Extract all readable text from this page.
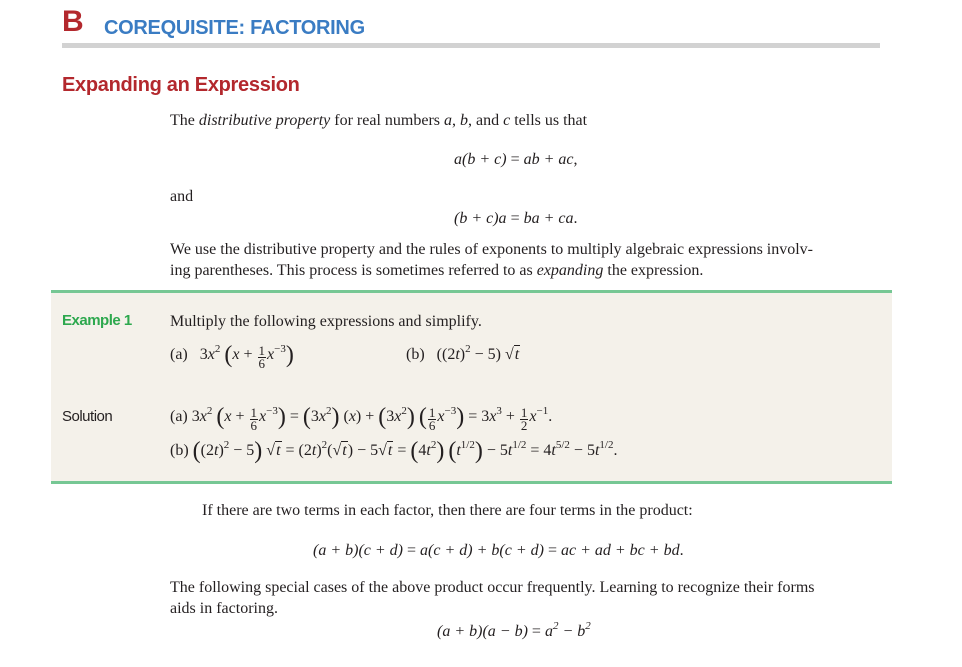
B COREQUISITE: FACTORING
Expanding an Expression
The distributive property for real numbers a, b, and c tells us that
a(b + c) = ab + ac,
and
(b + c)a = ba + ca.
We use the distributive property and the rules of exponents to multiply algebraic expressions involv-
ing parentheses. This process is sometimes referred to as expanding the expression.
Example 1 Multiply the following expressions and simplify.
(a)   $3x^2$ $(x + \frac{1}{6} x^{-3})$	(b)   $((2t)^2 - 5)$ √t
Solution	(a) $3x^2$ $(x + \frac{1}{6} x^{-3}) = (3x^2)$ $(x) + (3x^2)$ ( $\frac{1}{6} x^{-3}) = 3x^3 + \frac{1}{2} x^{-1}$.
(b) $((2t)^2 - 5) √t = (2t)^2(√t) - 5√t = (4t^2) (t^{1/2}) - 5t^{1/2} = 4t^{5/2} - 5t^{1/2}$.
If there are two terms in each factor, then there are four terms in the product:
(a + b)(c + d) = a(c + d) + b(c + d) = ac + ad + bc + bd.
The following special cases of the above product occur frequently. Learning to recognize their forms
aids in factoring.
$(a + b)(a - b) = a^2 - b^2$
